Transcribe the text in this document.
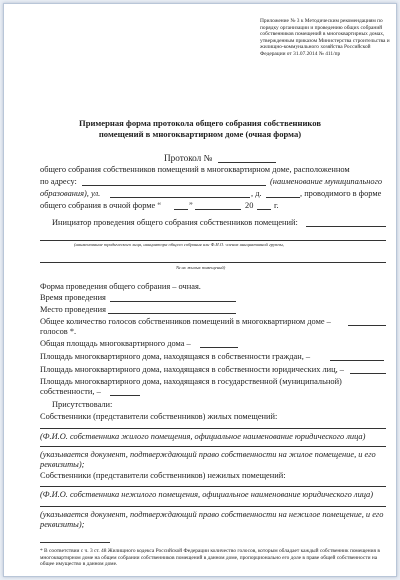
Приложение № 3 к Методическим рекомендациям по порядку организации и проведению общих собраний собственников помещений в многоквартирных домах, утвержденным приказом Министерства строительства и жилищно-коммунального хозяйства Российской Федерации от 31.07.2014 № 411/пр
Примерная форма протокола общего собрания собственников
помещений в многоквартирном доме (очная форма)
Протокол №
общего собрания собственников помещений в многоквартирном доме, расположенном
по адресу:	(наименование муниципального
образования), ул.	, д.	, проводимого в форме
общего собрания в очной форме “	”	20 г.
Инициатор проведения общего собрания собственников помещений:
(наименование юридического лица, инициатора общего собрания или Ф.И.О. членов инициативной группы,
№ их жилых помещений)
Форма проведения общего собрания – очная.
Время проведения
Место проведения
Общее количество голосов собственников помещений в многоквартирном доме –
голосов *.
Общая площадь многоквартирного дома –
Площадь многоквартирного дома, находящаяся в собственности граждан, –
Площадь многоквартирного дома, находящаяся в собственности юридических лиц, –
Площадь многоквартирного дома, находящаяся в государственной (муниципальной)
собственности, –
Присутствовали:
Собственники (представители собственников) жилых помещений:
(Ф.И.О. собственника жилого помещения, официальное наименование юридического лица)
(указывается документ, подтверждающий право собственности на жилое помещение, и его
реквизиты);
Собственники (представители собственников) нежилых помещений:
(Ф.И.О. собственника нежилого помещения, официальное наименование юридического лица)
(указывается документ, подтверждающий право собственности на нежилое помещение, и его
реквизиты);
* В соответствии с ч. 3 ст. 48 Жилищного кодекса Российской Федерации количество голосов, которым обладает каждый собственник помещения в многоквартирном доме на общем собрании собственников помещений в данном доме, пропорционально его доле в праве общей собственности на общее имущество в данном доме.
